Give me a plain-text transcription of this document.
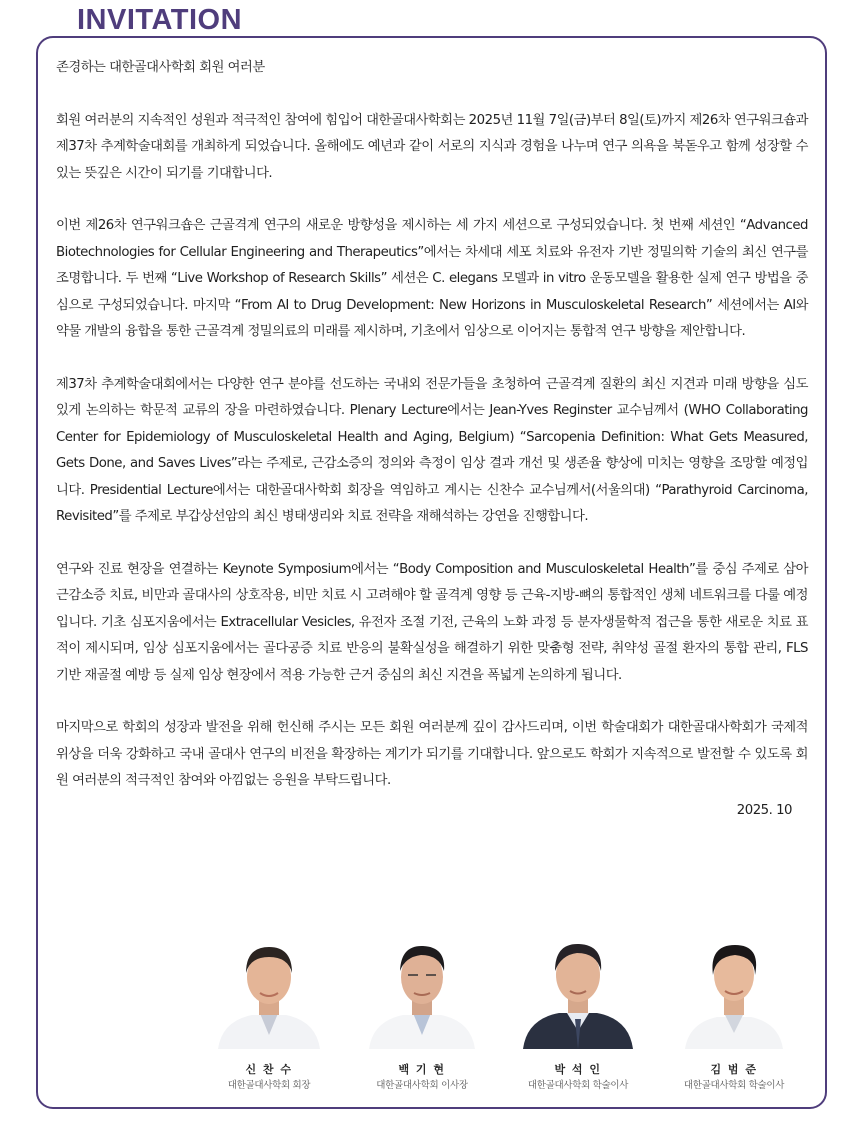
INVITATION

존경하는 대한골대사학회 회원 여러분

회원 여러분의 지속적인 성원과 적극적인 참여에 힘입어 대한골대사학회는 2025년 11월 7일(금)부터 8일(토)까지 제26차 연구워크숍과 제37차 추계학술대회를 개최하게 되었습니다. 올해에도 예년과 같이 서로의 지식과 경험을 나누며 연구 의욕을 북돋우고 함께 성장할 수 있는 뜻깊은 시간이 되기를 기대합니다.

이번 제26차 연구워크숍은 근골격계 연구의 새로운 방향성을 제시하는 세 가지 세션으로 구성되었습니다. 첫 번째 세션인 “Advanced Biotechnologies for Cellular Engineering and Therapeutics”에서는 차세대 세포 치료와 유전자 기반 정밀의학 기술의 최신 연구를 조명합니다. 두 번째 “Live Workshop of Research Skills” 세션은 C. elegans 모델과 in vitro 운동모델을 활용한 실제 연구 방법을 중심으로 구성되었습니다. 마지막 “From AI to Drug Development: New Horizons in Musculoskeletal Research” 세션에서는 AI와 약물 개발의 융합을 통한 근골격계 정밀의료의 미래를 제시하며, 기초에서 임상으로 이어지는 통합적 연구 방향을 제안합니다.

제37차 추계학술대회에서는 다양한 연구 분야를 선도하는 국내외 전문가들을 초청하여 근골격계 질환의 최신 지견과 미래 방향을 심도 있게 논의하는 학문적 교류의 장을 마련하였습니다. Plenary Lecture에서는 Jean-Yves Reginster 교수님께서 (WHO Collaborating Center for Epidemiology of Musculoskeletal Health and Aging, Belgium) “Sarcopenia Definition: What Gets Measured, Gets Done, and Saves Lives”라는 주제로, 근감소증의 정의와 측정이 임상 결과 개선 및 생존율 향상에 미치는 영향을 조망할 예정입니다. Presidential Lecture에서는 대한골대사학회 회장을 역임하고 계시는 신찬수 교수님께서(서울의대) “Parathyroid Carcinoma, Revisited”를 주제로 부갑상선암의 최신 병태생리와 치료 전략을 재해석하는 강연을 진행합니다.

연구와 진료 현장을 연결하는 Keynote Symposium에서는 “Body Composition and Musculoskeletal Health”를 중심 주제로 삼아 근감소증 치료, 비만과 골대사의 상호작용, 비만 치료 시 고려해야 할 골격계 영향 등 근육-지방-뼈의 통합적인 생체 네트워크를 다룰 예정입니다. 기초 심포지움에서는 Extracellular Vesicles, 유전자 조절 기전, 근육의 노화 과정 등 분자생물학적 접근을 통한 새로운 치료 표적이 제시되며, 임상 심포지움에서는 골다공증 치료 반응의 불확실성을 해결하기 위한 맞춤형 전략, 취약성 골절 환자의 통합 관리, FLS 기반 재골절 예방 등 실제 임상 현장에서 적용 가능한 근거 중심의 최신 지견을 폭넓게 논의하게 됩니다.

마지막으로 학회의 성장과 발전을 위해 헌신해 주시는 모든 회원 여러분께 깊이 감사드리며, 이번 학술대회가 대한골대사학회가 국제적 위상을 더욱 강화하고 국내 골대사 연구의 비전을 확장하는 계기가 되기를 기대합니다. 앞으로도 학회가 지속적으로 발전할 수 있도록 회원 여러분의 적극적인 참여와 아낌없는 응원을 부탁드립니다.

2025. 10

신 찬 수
대한골대사학회 회장
백 기 현
대한골대사학회 이사장
박 석 인
대한골대사학회 학술이사
김 범 준
대한골대사학회 학술이사
